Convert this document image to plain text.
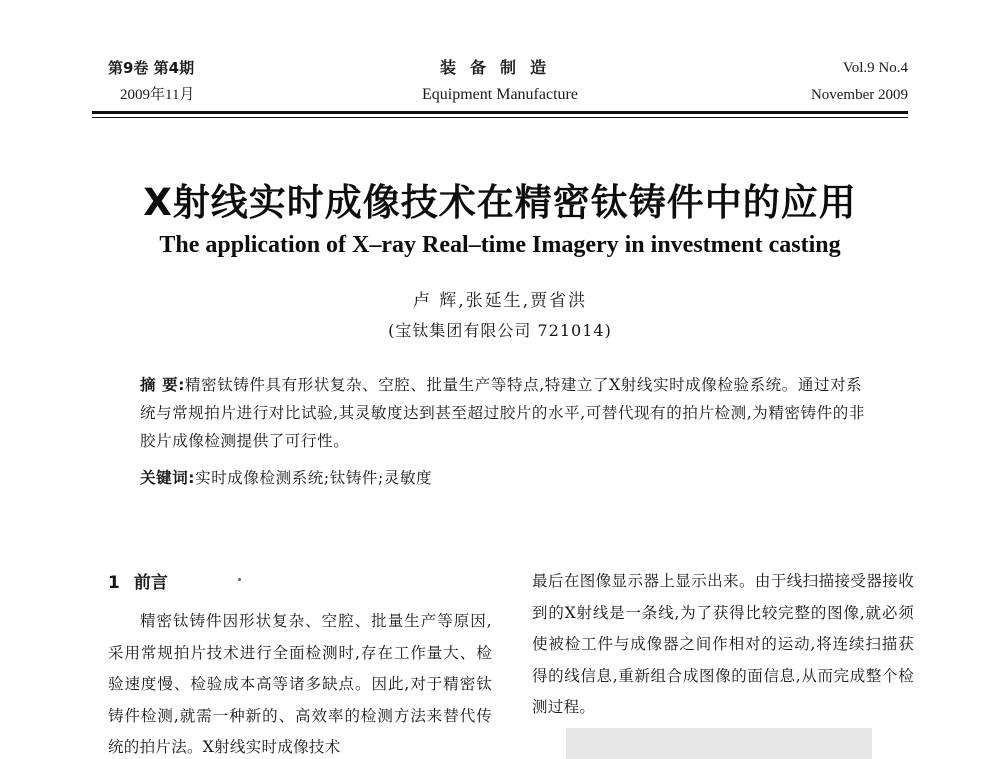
第9卷 第4期
2009年11月
装备制造
Equipment Manufacture
Vol.9 No.4
November 2009
X射线实时成像技术在精密钛铸件中的应用
The application of X–ray Real–time Imagery in investment casting
卢 辉,张延生,贾省洪
(宝钛集团有限公司 721014)
摘 要:精密钛铸件具有形状复杂、空腔、批量生产等特点,特建立了X射线实时成像检验系统。通过对系统与常规拍片进行对比试验,其灵敏度达到甚至超过胶片的水平,可替代现有的拍片检测,为精密铸件的非胶片成像检测提供了可行性。
关键词:实时成像检测系统;钛铸件;灵敏度
1 前言
精密钛铸件因形状复杂、空腔、批量生产等原因,采用常规拍片技术进行全面检测时,存在工作量大、检验速度慢、检验成本高等诸多缺点。因此,对于精密钛铸件检测,就需一种新的、高效率的检测方法来替代传统的拍片法。X射线实时成像技术
最后在图像显示器上显示出来。由于线扫描接受器接收到的X射线是一条线,为了获得比较完整的图像,就必须使被检工件与成像器之间作相对的运动,将连续扫描获得的线信息,重新组合成图像的面信息,从而完成整个检测过程。
